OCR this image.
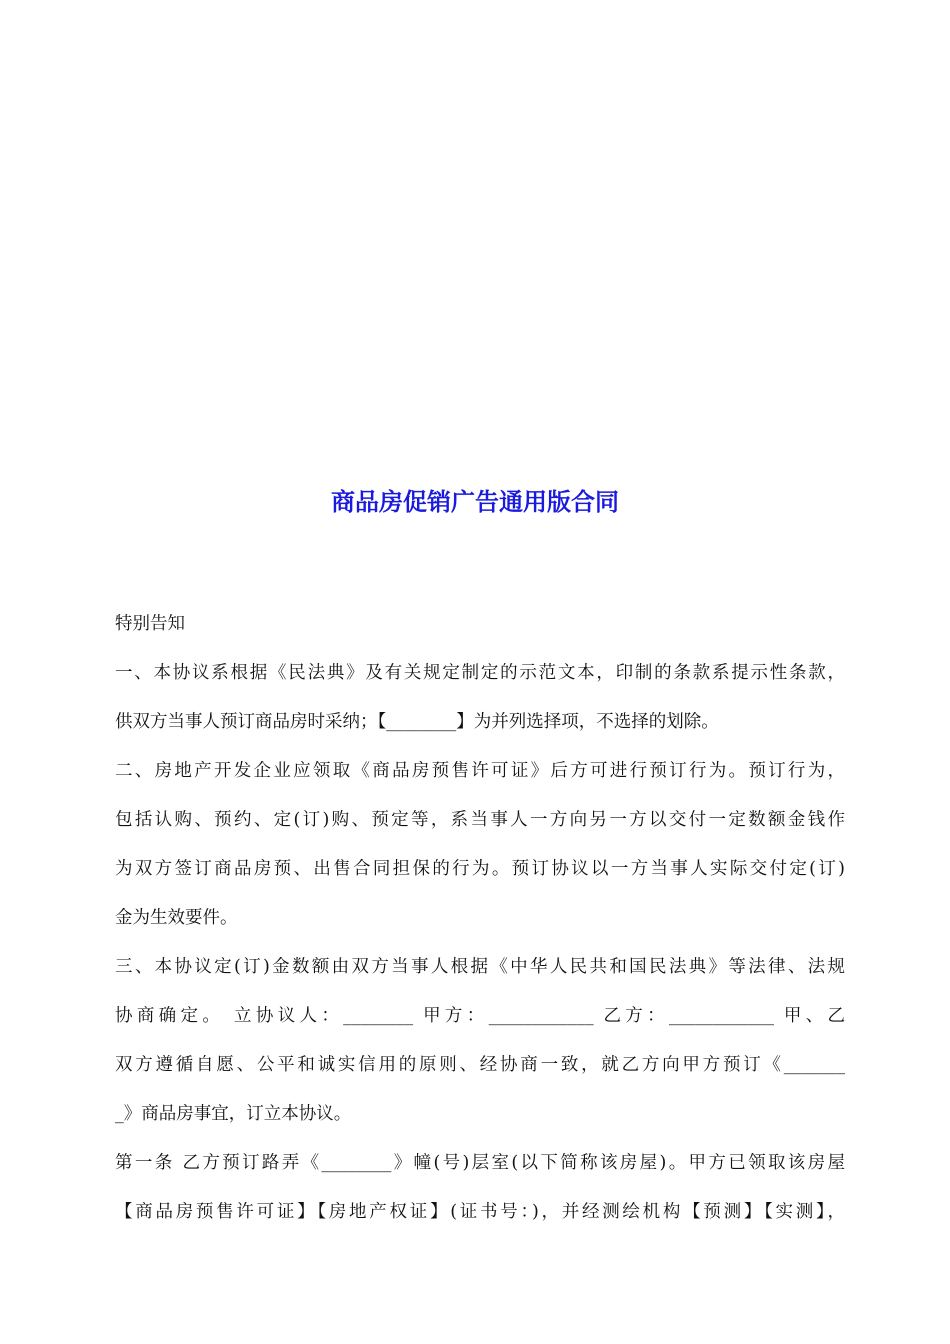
商品房促销广告通用版合同
特别告知
一、本协议系根据《民法典》及有关规定制定的示范文本，印制的条款系提示性条款，
供双方当事人预订商品房时采纳；【________】为并列选择项，不选择的划除。
二、房地产开发企业应领取《商品房预售许可证》后方可进行预订行为。预订行为，
包括认购、预约、定(订)购、预定等，系当事人一方向另一方以交付一定数额金钱作
为双方签订商品房预、出售合同担保的行为。预订协议以一方当事人实际交付定(订)
金为生效要件。
三、本协议定(订)金数额由双方当事人根据《中华人民共和国民法典》等法律、法规
协商确定。 立协议人：________ 甲方：____________ 乙方：____________ 甲、乙
双方遵循自愿、公平和诚实信用的原则、经协商一致，就乙方向甲方预订《_______
_》商品房事宜，订立本协议。
第一条 乙方预订路弄《________》幢(号)层室(以下简称该房屋)。甲方已领取该房屋
【商品房预售许可证】【房地产权证】(证书号：)，并经测绘机构【预测】【实测】，
